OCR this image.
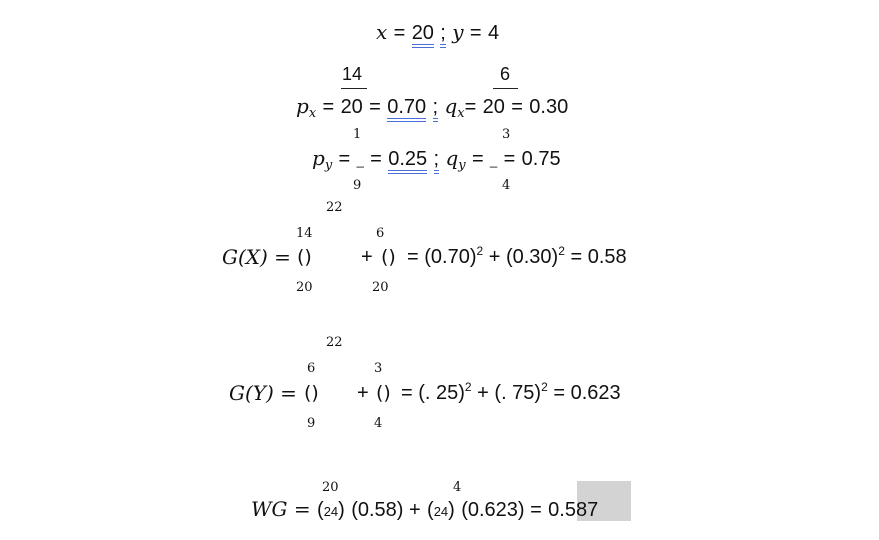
x = 20 ; y = 4
14	6
$p_x = 20 = 0.70$ ; $q_x= 20 = 0.30$
1	3
$p_y$ = _ = 0.25 ; $q_y$ = _ = 0.75
9	4
22
14	6
G(X) = () + () = $(0.70)^2 + (0.30)^2 = 0.58$
20	20
22
6	3
G(Y) = () + () = (. 25)$^2$ + (. 75)$^2$ = 0.623
9	4
20	4
WG = (24) (0.58) + (24) (0.623) = 0.587
